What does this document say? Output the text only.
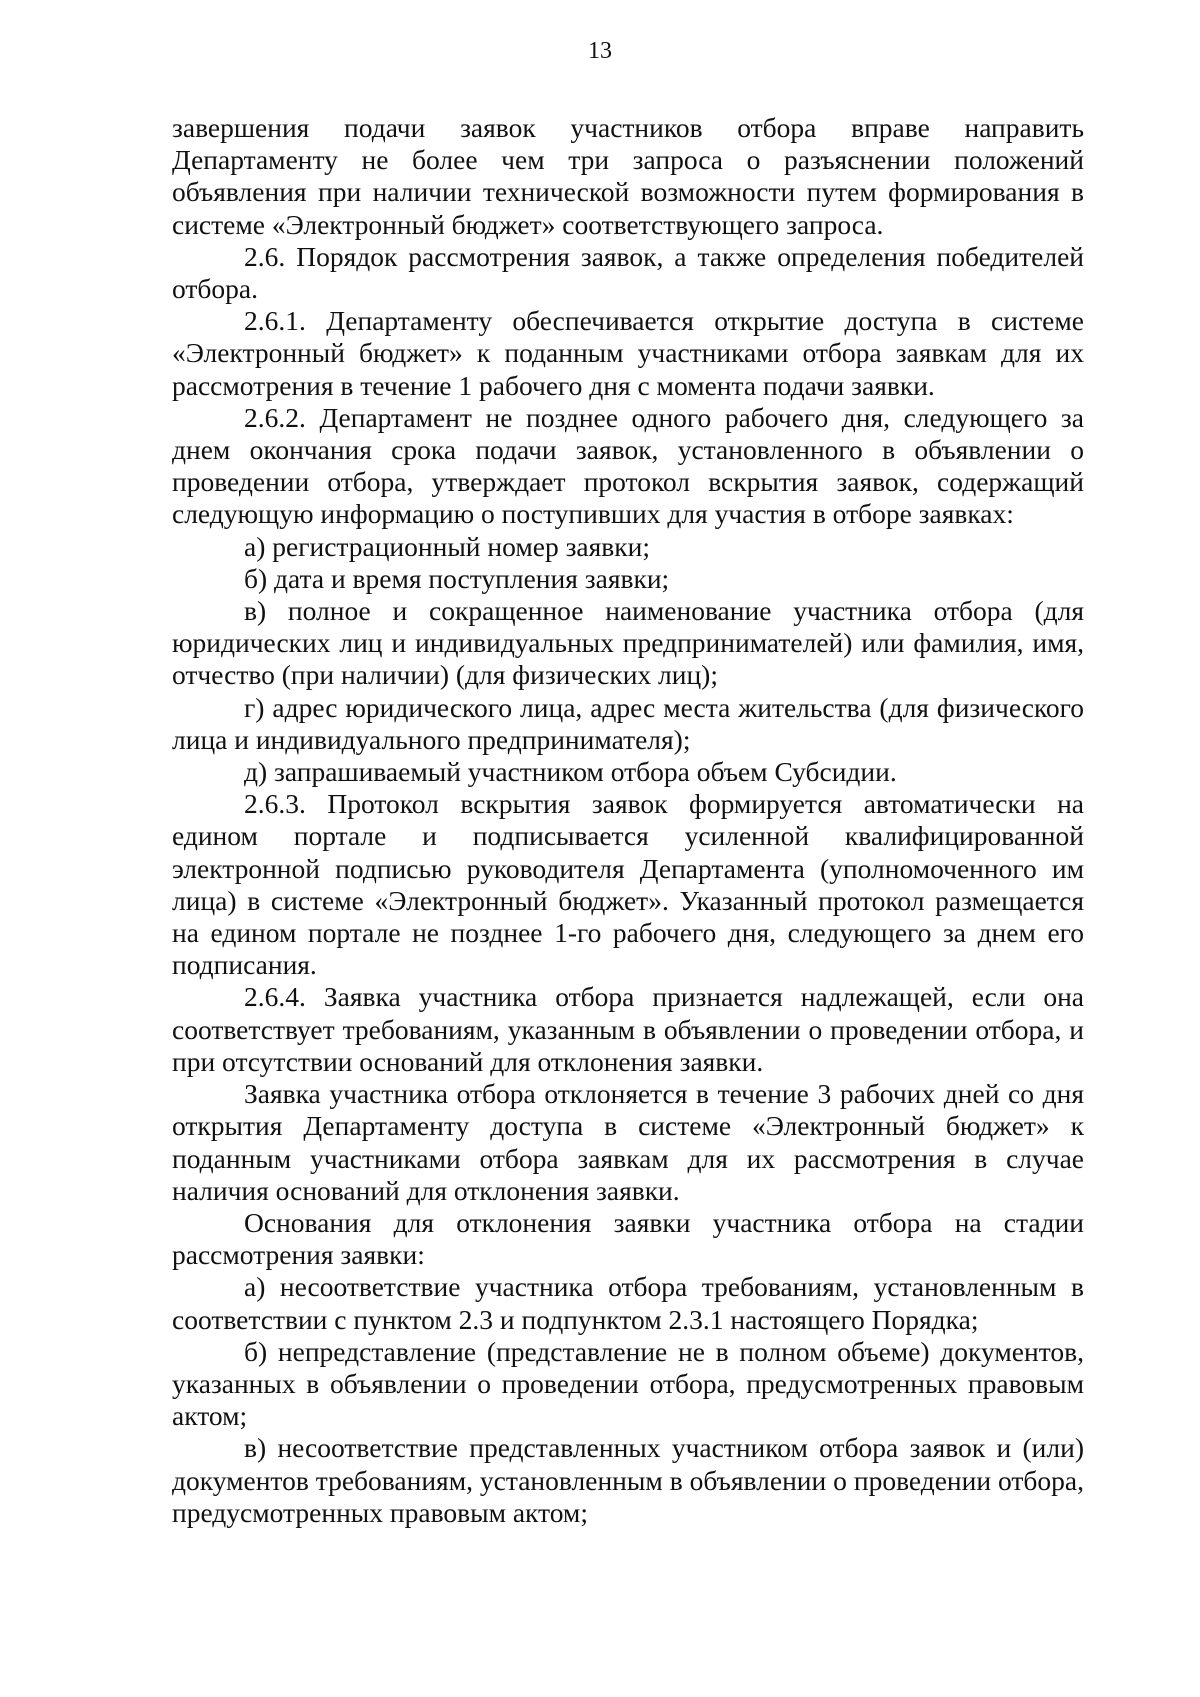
13

завершения подачи заявок участников отбора вправе направить Департаменту не более чем три запроса о разъяснении положений объявления при наличии технической возможности путем формирования в системе «Электронный бюджет» соответствующего запроса.

2.6. Порядок рассмотрения заявок, а также определения победителей отбора.

2.6.1. Департаменту обеспечивается открытие доступа в системе «Электронный бюджет» к поданным участниками отбора заявкам для их рассмотрения в течение 1 рабочего дня с момента подачи заявки.

2.6.2. Департамент не позднее одного рабочего дня, следующего за днем окончания срока подачи заявок, установленного в объявлении о проведении отбора, утверждает протокол вскрытия заявок, содержащий следующую информацию о поступивших для участия в отборе заявках:

а) регистрационный номер заявки;

б) дата и время поступления заявки;

в) полное и сокращенное наименование участника отбора (для юридических лиц и индивидуальных предпринимателей) или фамилия, имя, отчество (при наличии) (для физических лиц);

г) адрес юридического лица, адрес места жительства (для физического лица и индивидуального предпринимателя);

д) запрашиваемый участником отбора объем Субсидии.

2.6.3. Протокол вскрытия заявок формируется автоматически на едином портале и подписывается усиленной квалифицированной электронной подписью руководителя Департамента (уполномоченного им лица) в системе «Электронный бюджет». Указанный протокол размещается на едином портале не позднее 1-го рабочего дня, следующего за днем его подписания.

2.6.4. Заявка участника отбора признается надлежащей, если она соответствует требованиям, указанным в объявлении о проведении отбора, и при отсутствии оснований для отклонения заявки.

Заявка участника отбора отклоняется в течение 3 рабочих дней со дня открытия Департаменту доступа в системе «Электронный бюджет» к поданным участниками отбора заявкам для их рассмотрения в случае наличия оснований для отклонения заявки.

Основания для отклонения заявки участника отбора на стадии рассмотрения заявки:

а) несоответствие участника отбора требованиям, установленным в соответствии с пунктом 2.3 и подпунктом 2.3.1 настоящего Порядка;

б) непредставление (представление не в полном объеме) документов, указанных в объявлении о проведении отбора, предусмотренных правовым актом;

в) несоответствие представленных участником отбора заявок и (или) документов требованиям, установленным в объявлении о проведении отбора, предусмотренных правовым актом;
